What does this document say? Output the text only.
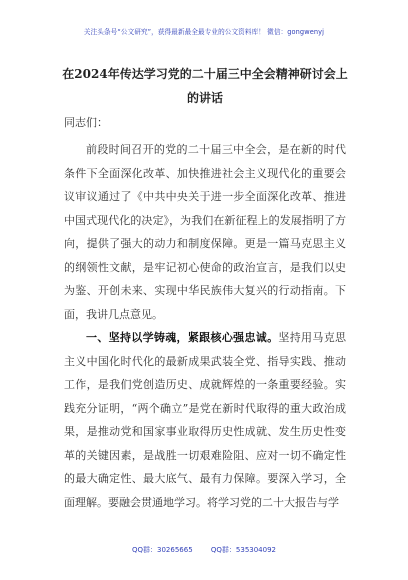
关注头条号“公文研究”，获得最新最全最专业的公文资料库！ 微信：gongwenyj
在2024年传达学习党的二十届三中全会精神研讨会上的讲话
同志们：

前段时间召开的党的二十届三中全会，是在新的时代条件下全面深化改革、加快推进社会主义现代化的重要会议审议通过了《中共中央关于进一步全面深化改革、推进中国式现代化的决定》，为我们在新征程上的发展指明了方向，提供了强大的动力和制度保障。更是一篇马克思主义的纲领性文献，是牢记初心使命的政治宣言，是我们以史为鉴、开创未来、实现中华民族伟大复兴的行动指南。下面，我讲几点意见。

一、坚持以学铸魂，紧跟核心强忠诚。坚持用马克思主义中国化时代化的最新成果武装全党、指导实践、推动工作，是我们党创造历史、成就辉煌的一条重要经验。实践充分证明，“两个确立”是党在新时代取得的重大政治成果，是推动党和国家事业取得历史性成就、发生历史性变革的关键因素，是战胜一切艰难险阻、应对一切不确定性的最大确定性、最大底气、最有力保障。要深入学习，全面理解。要融会贯通地学习。将学习党的二十大报告与学

QQ群：30265665	QQ群：535304092
